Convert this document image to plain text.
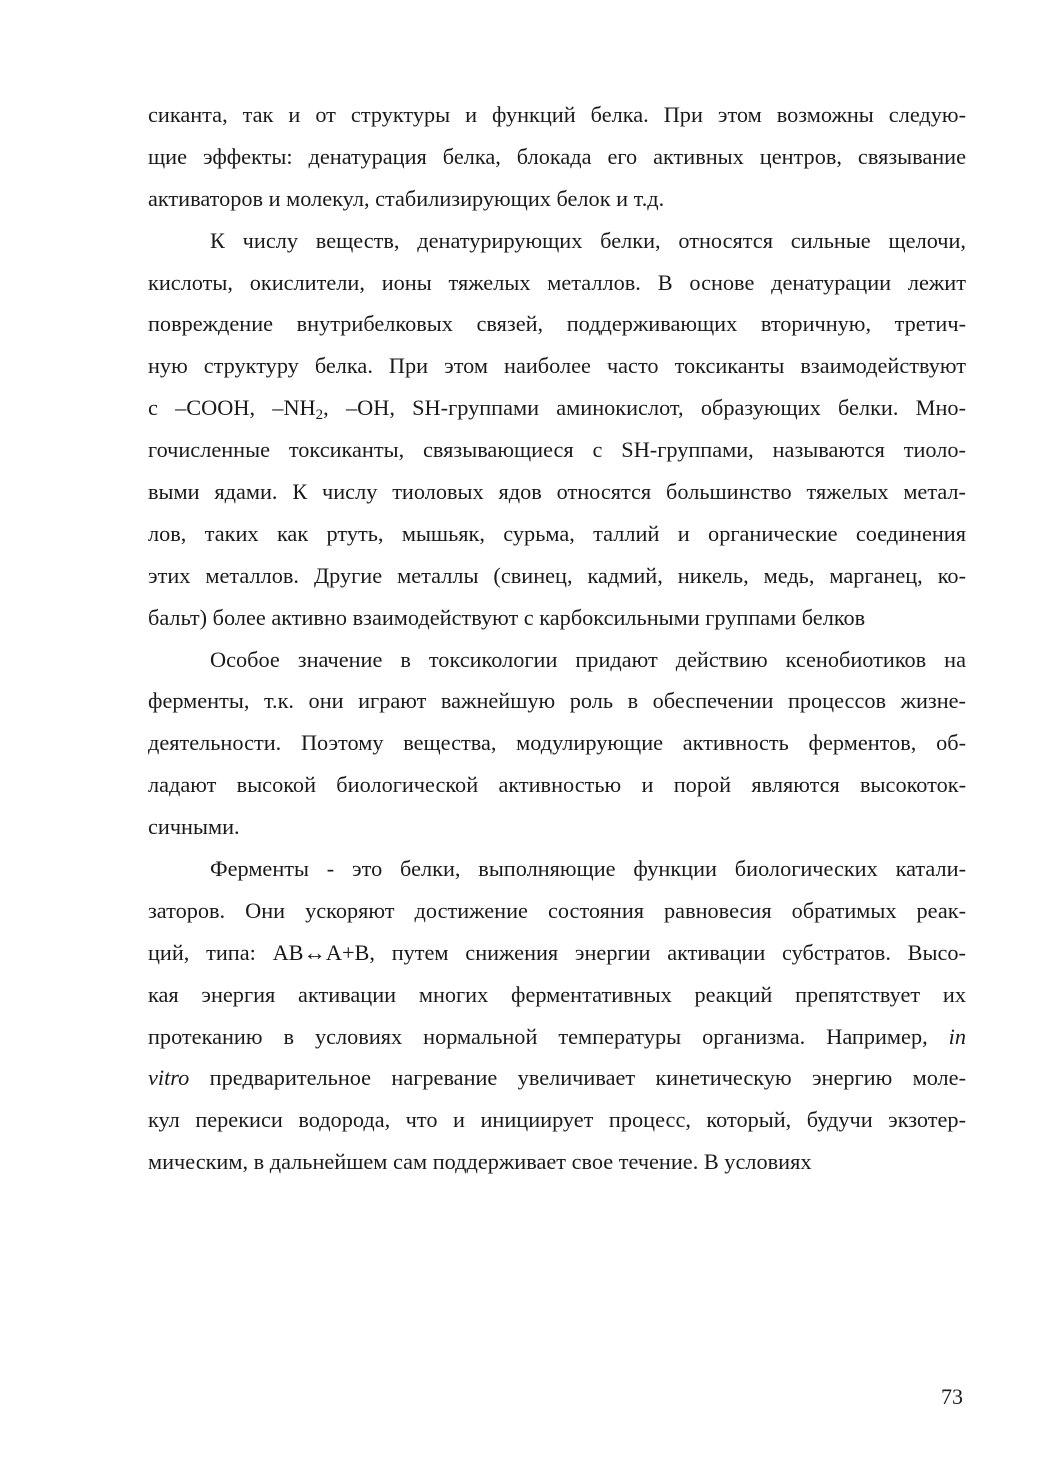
сиканта, так и от структуры и функций белка. При этом возможны следую-
щие эффекты: денатурация белка, блокада его активных центров, связывание
активаторов и молекул, стабилизирующих белок и т.д.
К числу веществ, денатурирующих белки, относятся сильные щелочи,
кислоты, окислители, ионы тяжелых металлов. В основе денатурации лежит
повреждение внутрибелковых связей, поддерживающих вторичную, третич-
ную структуру белка. При этом наиболее часто токсиканты взаимодействуют
с –COOH, $-NH_2$, –OH, SH-группами аминокислот, образующих белки. Мно-
гочисленные токсиканты, связывающиеся с SH-группами, называются тиоло-
выми ядами. К числу тиоловых ядов относятся большинство тяжелых метал-
лов, таких как ртуть, мышьяк, сурьма, таллий и органические соединения
этих металлов. Другие металлы (свинец, кадмий, никель, медь, марганец, ко-
бальт) более активно взаимодействуют с карбоксильными группами белков
Особое значение в токсикологии придают действию ксенобиотиков на
ферменты, т.к. они играют важнейшую роль в обеспечении процессов жизне-
деятельности. Поэтому вещества, модулирующие активность ферментов, об-
ладают высокой биологической активностью и порой являются высокоток-
сичными.
Ферменты - это белки, выполняющие функции биологических катали-
заторов. Они ускоряют достижение состояния равновесия обратимых реак-
ций, типа: АВ↔А+В, путем снижения энергии активации субстратов. Высо-
кая энергия активации многих ферментативных реакций препятствует их
протеканию в условиях нормальной температуры организма. Например, in
vitro предварительное нагревание увеличивает кинетическую энергию моле-
кул перекиси водорода, что и инициирует процесс, который, будучи экзотер-
мическим, в дальнейшем сам поддерживает свое течение. В условиях
73
